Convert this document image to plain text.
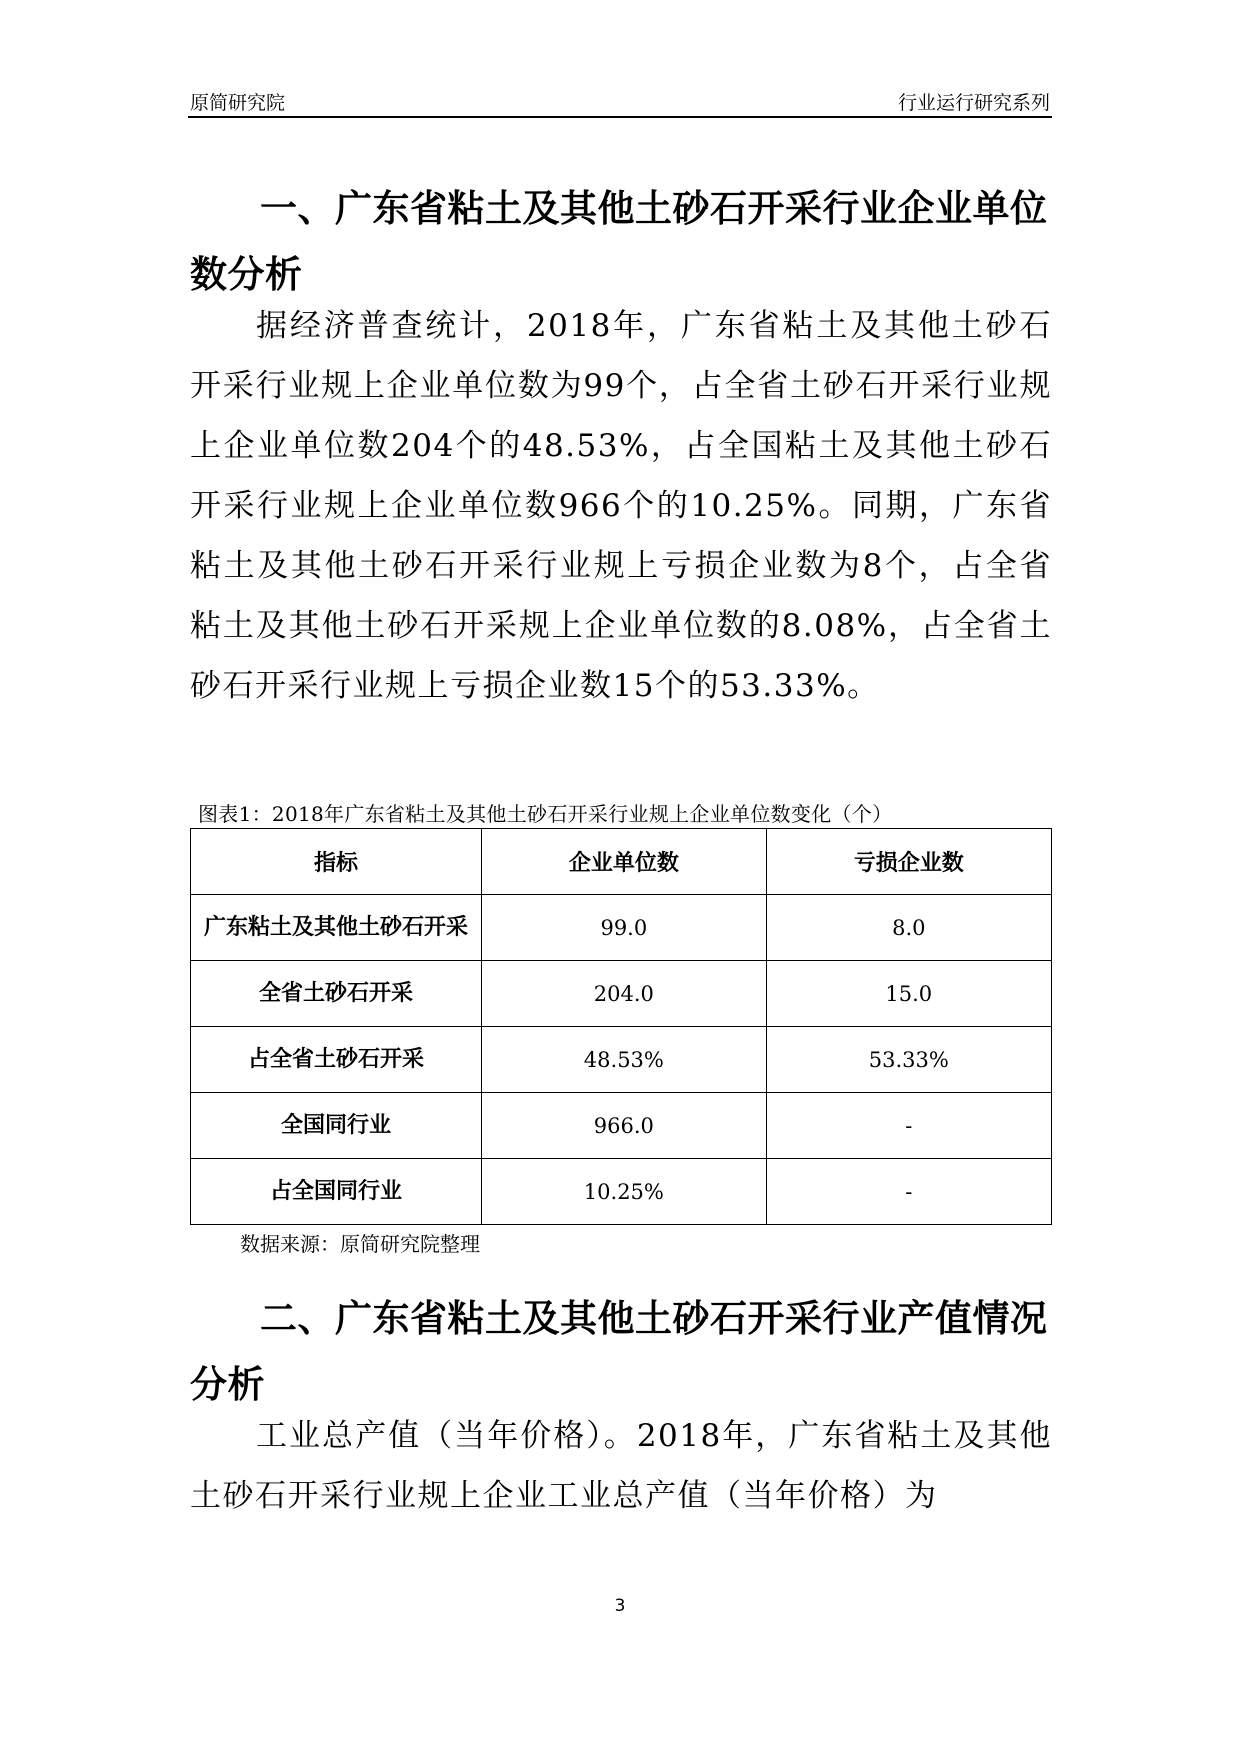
原简研究院	行业运行研究系列
一、广东省粘土及其他土砂石开采行业企业单位数分析

据经济普查统计，2018年，广东省粘土及其他土砂石开采行业规上企业单位数为99个，占全省土砂石开采行业规上企业单位数204个的48.53%，占全国粘土及其他土砂石开采行业规上企业单位数966个的10.25%。同期，广东省粘土及其他土砂石开采行业规上亏损企业数为8个，占全省粘土及其他土砂石开采规上企业单位数的8.08%，占全省土砂石开采行业规上亏损企业数15个的53.33%。

图表1：2018年广东省粘土及其他土砂石开采行业规上企业单位数变化（个）
指标	企业单位数	亏损企业数
广东粘土及其他土砂石开采	99.0	8.0
全省土砂石开采	204.0	15.0
占全省土砂石开采	48.53%	53.33%
全国同行业	966.0	-
占全国同行业	10.25%	-
数据来源：原简研究院整理
二、广东省粘土及其他土砂石开采行业产值情况分析

工业总产值（当年价格）。2018年，广东省粘土及其他土砂石开采行业规上企业工业总产值（当年价格）为

3
